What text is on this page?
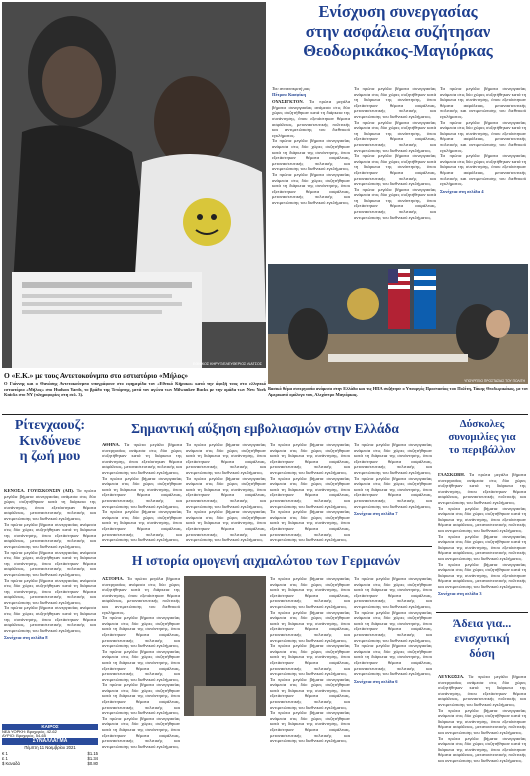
ΕΘΝΙΚΟΣ ΚΗΡΥΞ/ΕΛΕΥΘΕΡΙΟΣ ΛΙΑΤΣΟΣ
Ο «Ε.Κ.» με τους Αντετοκούνμπο στο εστιατόριο «Μήλος»
Ο Γιάννης και ο Θανάσης Αντετοκούνμπο υπογράφουν στο εφημερίδα τον «Εθνικό Κήρυκα» κατά την άφιξή τους στο ελληνικό εστιατόριο «Μήλος» στο Hudson Yards, το βράδυ της Τετάρτης, μετά τον αγώνα των Milwaukee Bucks με την ομάδα των New York Knicks στο NY (πληροφορίες στη σελ. 3).
Ενίσχυση συνεργασίας
στην ασφάλεια συζήτησαν
Θεοδωρικάκος-Μαγιόρκας
Του ανταποκριτή μας
Πέτρου Κασφίκη
ΟΥΑΣΙΓΚΤΟΝ. Τα πρώτα μεγάλα βήματα συνεργασίας ανάμεσα στις δύο χώρες συζητήθηκαν κατά τη διάρκεια της συνάντησης, όπου εξετάστηκαν θέματα ασφάλειας, μεταναστευτικής πολιτικής και αντιμετώπισης του διεθνικού εγκλήματος.
Τα πρώτα μεγάλα βήματα συνεργασίας ανάμεσα στις δύο χώρες συζητήθηκαν κατά τη διάρκεια της συνάντησης, όπου εξετάστηκαν θέματα ασφάλειας, μεταναστευτικής πολιτικής και αντιμετώπισης του διεθνικού εγκλήματος.
Τα πρώτα μεγάλα βήματα συνεργασίας ανάμεσα στις δύο χώρες συζητήθηκαν κατά τη διάρκεια της συνάντησης, όπου εξετάστηκαν θέματα ασφάλειας, μεταναστευτικής πολιτικής και αντιμετώπισης του διεθνικού εγκλήματος.
Τα πρώτα μεγάλα βήματα συνεργασίας ανάμεσα στις δύο χώρες συζητήθηκαν κατά τη διάρκεια της συνάντησης, όπου εξετάστηκαν θέματα ασφάλειας, μεταναστευτικής πολιτικής και αντιμετώπισης του διεθνικού εγκλήματος.
Τα πρώτα μεγάλα βήματα συνεργασίας ανάμεσα στις δύο χώρες συζητήθηκαν κατά τη διάρκεια της συνάντησης, όπου εξετάστηκαν θέματα ασφάλειας, μεταναστευτικής πολιτικής και αντιμετώπισης του διεθνικού εγκλήματος.
Τα πρώτα μεγάλα βήματα συνεργασίας ανάμεσα στις δύο χώρες συζητήθηκαν κατά τη διάρκεια της συνάντησης, όπου εξετάστηκαν θέματα ασφάλειας, μεταναστευτικής πολιτικής και αντιμετώπισης του διεθνικού εγκλήματος.
Τα πρώτα μεγάλα βήματα συνεργασίας ανάμεσα στις δύο χώρες συζητήθηκαν κατά τη διάρκεια της συνάντησης, όπου εξετάστηκαν θέματα ασφάλειας, μεταναστευτικής πολιτικής και αντιμετώπισης του διεθνικού εγκλήματος.
Τα πρώτα μεγάλα βήματα συνεργασίας ανάμεσα στις δύο χώρες συζητήθηκαν κατά τη διάρκεια της συνάντησης, όπου εξετάστηκαν θέματα ασφάλειας, μεταναστευτικής πολιτικής και αντιμετώπισης του διεθνικού εγκλήματος.
Τα πρώτα μεγάλα βήματα συνεργασίας ανάμεσα στις δύο χώρες συζητήθηκαν κατά τη διάρκεια της συνάντησης, όπου εξετάστηκαν θέματα ασφάλειας, μεταναστευτικής πολιτικής και αντιμετώπισης του διεθνικού εγκλήματος.
Τα πρώτα μεγάλα βήματα συνεργασίας ανάμεσα στις δύο χώρες συζητήθηκαν κατά τη διάρκεια της συνάντησης, όπου εξετάστηκαν θέματα ασφάλειας, μεταναστευτικής πολιτικής και αντιμετώπισης του διεθνικού εγκλήματος.
Συνέχεια στη σελίδα 4
ΥΠΟΥΡΓΕΙΟ ΠΡΟΣΤΑΣΙΑΣ ΤΟΥ ΠΟΛΙΤΗ
Βασικό θέμα συνεργασία ανάμεσα στην Ελλάδα και τις ΗΠΑ συζήτησε ο Υπουργός Προστασίας του Πολίτη, Τάκης Θεοδωρικάκος, με τον Αμερικανό ομόλογο του, Αλεχάντρο Μαγιόρκας.
Ρίτενχαουζ:
Κινδύνευε
η ζωή μου
ΚΕΝΟΣΑ. ΓΟΥΙΣΚΟΝΣΙΝ (ΑΠ). Τα πρώτα μεγάλα βήματα συνεργασίας ανάμεσα στις δύο χώρες συζητήθηκαν κατά τη διάρκεια της συνάντησης, όπου εξετάστηκαν θέματα ασφάλειας, μεταναστευτικής πολιτικής και αντιμετώπισης του διεθνικού εγκλήματος.
Τα πρώτα μεγάλα βήματα συνεργασίας ανάμεσα στις δύο χώρες συζητήθηκαν κατά τη διάρκεια της συνάντησης, όπου εξετάστηκαν θέματα ασφάλειας, μεταναστευτικής πολιτικής και αντιμετώπισης του διεθνικού εγκλήματος.
Τα πρώτα μεγάλα βήματα συνεργασίας ανάμεσα στις δύο χώρες συζητήθηκαν κατά τη διάρκεια της συνάντησης, όπου εξετάστηκαν θέματα ασφάλειας, μεταναστευτικής πολιτικής και αντιμετώπισης του διεθνικού εγκλήματος.
Τα πρώτα μεγάλα βήματα συνεργασίας ανάμεσα στις δύο χώρες συζητήθηκαν κατά τη διάρκεια της συνάντησης, όπου εξετάστηκαν θέματα ασφάλειας, μεταναστευτικής πολιτικής και αντιμετώπισης του διεθνικού εγκλήματος.
Τα πρώτα μεγάλα βήματα συνεργασίας ανάμεσα στις δύο χώρες συζητήθηκαν κατά τη διάρκεια της συνάντησης, όπου εξετάστηκαν θέματα ασφάλειας, μεταναστευτικής πολιτικής και αντιμετώπισης του διεθνικού εγκλήματος.
Συνέχεια στη σελίδα 8
ΣΥΝΑΛΛΑΓΜΑ
Πέμπτη 11 Νοεμβρίου 2021
€ 1	$1.15
£ 1	$1.34
$ Καναδά	$0.80
Σημαντική αύξηση εμβολιασμών στην Ελλάδα
ΑΘΗΝΑ. Τα πρώτα μεγάλα βήματα συνεργασίας ανάμεσα στις δύο χώρες συζητήθηκαν κατά τη διάρκεια της συνάντησης, όπου εξετάστηκαν θέματα ασφάλειας, μεταναστευτικής πολιτικής και αντιμετώπισης του διεθνικού εγκλήματος.
Τα πρώτα μεγάλα βήματα συνεργασίας ανάμεσα στις δύο χώρες συζητήθηκαν κατά τη διάρκεια της συνάντησης, όπου εξετάστηκαν θέματα ασφάλειας, μεταναστευτικής πολιτικής και αντιμετώπισης του διεθνικού εγκλήματος.
Τα πρώτα μεγάλα βήματα συνεργασίας ανάμεσα στις δύο χώρες συζητήθηκαν κατά τη διάρκεια της συνάντησης, όπου εξετάστηκαν θέματα ασφάλειας, μεταναστευτικής πολιτικής και αντιμετώπισης του διεθνικού εγκλήματος.
Τα πρώτα μεγάλα βήματα συνεργασίας ανάμεσα στις δύο χώρες συζητήθηκαν κατά τη διάρκεια της συνάντησης, όπου εξετάστηκαν θέματα ασφάλειας, μεταναστευτικής πολιτικής και αντιμετώπισης του διεθνικού εγκλήματος.
Τα πρώτα μεγάλα βήματα συνεργασίας ανάμεσα στις δύο χώρες συζητήθηκαν κατά τη διάρκεια της συνάντησης, όπου εξετάστηκαν θέματα ασφάλειας, μεταναστευτικής πολιτικής και αντιμετώπισης του διεθνικού εγκλήματος.
Τα πρώτα μεγάλα βήματα συνεργασίας ανάμεσα στις δύο χώρες συζητήθηκαν κατά τη διάρκεια της συνάντησης, όπου εξετάστηκαν θέματα ασφάλειας, μεταναστευτικής πολιτικής και αντιμετώπισης του διεθνικού εγκλήματος.
Τα πρώτα μεγάλα βήματα συνεργασίας ανάμεσα στις δύο χώρες συζητήθηκαν κατά τη διάρκεια της συνάντησης, όπου εξετάστηκαν θέματα ασφάλειας, μεταναστευτικής πολιτικής και αντιμετώπισης του διεθνικού εγκλήματος.
Τα πρώτα μεγάλα βήματα συνεργασίας ανάμεσα στις δύο χώρες συζητήθηκαν κατά τη διάρκεια της συνάντησης, όπου εξετάστηκαν θέματα ασφάλειας, μεταναστευτικής πολιτικής και αντιμετώπισης του διεθνικού εγκλήματος.
Τα πρώτα μεγάλα βήματα συνεργασίας ανάμεσα στις δύο χώρες συζητήθηκαν κατά τη διάρκεια της συνάντησης, όπου εξετάστηκαν θέματα ασφάλειας, μεταναστευτικής πολιτικής και αντιμετώπισης του διεθνικού εγκλήματος.
Τα πρώτα μεγάλα βήματα συνεργασίας ανάμεσα στις δύο χώρες συζητήθηκαν κατά τη διάρκεια της συνάντησης, όπου εξετάστηκαν θέματα ασφάλειας, μεταναστευτικής πολιτικής και αντιμετώπισης του διεθνικού εγκλήματος.
Τα πρώτα μεγάλα βήματα συνεργασίας ανάμεσα στις δύο χώρες συζητήθηκαν κατά τη διάρκεια της συνάντησης, όπου εξετάστηκαν θέματα ασφάλειας, μεταναστευτικής πολιτικής και αντιμετώπισης του διεθνικού εγκλήματος.
Συνέχεια στη σελίδα 7
Η ιστορία ομογενή αιχμαλώτου των Γερμανών
ΑΣΤΟΡΙΑ. Τα πρώτα μεγάλα βήματα συνεργασίας ανάμεσα στις δύο χώρες συζητήθηκαν κατά τη διάρκεια της συνάντησης, όπου εξετάστηκαν θέματα ασφάλειας, μεταναστευτικής πολιτικής και αντιμετώπισης του διεθνικού εγκλήματος.
Τα πρώτα μεγάλα βήματα συνεργασίας ανάμεσα στις δύο χώρες συζητήθηκαν κατά τη διάρκεια της συνάντησης, όπου εξετάστηκαν θέματα ασφάλειας, μεταναστευτικής πολιτικής και αντιμετώπισης του διεθνικού εγκλήματος.
Τα πρώτα μεγάλα βήματα συνεργασίας ανάμεσα στις δύο χώρες συζητήθηκαν κατά τη διάρκεια της συνάντησης, όπου εξετάστηκαν θέματα ασφάλειας, μεταναστευτικής πολιτικής και αντιμετώπισης του διεθνικού εγκλήματος.
Τα πρώτα μεγάλα βήματα συνεργασίας ανάμεσα στις δύο χώρες συζητήθηκαν κατά τη διάρκεια της συνάντησης, όπου εξετάστηκαν θέματα ασφάλειας, μεταναστευτικής πολιτικής και αντιμετώπισης του διεθνικού εγκλήματος.
Τα πρώτα μεγάλα βήματα συνεργασίας ανάμεσα στις δύο χώρες συζητήθηκαν κατά τη διάρκεια της συνάντησης, όπου εξετάστηκαν θέματα ασφάλειας, μεταναστευτικής πολιτικής και αντιμετώπισης του διεθνικού εγκλήματος.
Τα πρώτα μεγάλα βήματα συνεργασίας ανάμεσα στις δύο χώρες συζητήθηκαν κατά τη διάρκεια της συνάντησης, όπου εξετάστηκαν θέματα ασφάλειας, μεταναστευτικής πολιτικής και αντιμετώπισης του διεθνικού εγκλήματος.
Τα πρώτα μεγάλα βήματα συνεργασίας ανάμεσα στις δύο χώρες συζητήθηκαν κατά τη διάρκεια της συνάντησης, όπου εξετάστηκαν θέματα ασφάλειας, μεταναστευτικής πολιτικής και αντιμετώπισης του διεθνικού εγκλήματος.
Τα πρώτα μεγάλα βήματα συνεργασίας ανάμεσα στις δύο χώρες συζητήθηκαν κατά τη διάρκεια της συνάντησης, όπου εξετάστηκαν θέματα ασφάλειας, μεταναστευτικής πολιτικής και αντιμετώπισης του διεθνικού εγκλήματος.
Τα πρώτα μεγάλα βήματα συνεργασίας ανάμεσα στις δύο χώρες συζητήθηκαν κατά τη διάρκεια της συνάντησης, όπου εξετάστηκαν θέματα ασφάλειας, μεταναστευτικής πολιτικής και αντιμετώπισης του διεθνικού εγκλήματος.
Τα πρώτα μεγάλα βήματα συνεργασίας ανάμεσα στις δύο χώρες συζητήθηκαν κατά τη διάρκεια της συνάντησης, όπου εξετάστηκαν θέματα ασφάλειας, μεταναστευτικής πολιτικής και αντιμετώπισης του διεθνικού εγκλήματος.
Τα πρώτα μεγάλα βήματα συνεργασίας ανάμεσα στις δύο χώρες συζητήθηκαν κατά τη διάρκεια της συνάντησης, όπου εξετάστηκαν θέματα ασφάλειας, μεταναστευτικής πολιτικής και αντιμετώπισης του διεθνικού εγκλήματος.
Τα πρώτα μεγάλα βήματα συνεργασίας ανάμεσα στις δύο χώρες συζητήθηκαν κατά τη διάρκεια της συνάντησης, όπου εξετάστηκαν θέματα ασφάλειας, μεταναστευτικής πολιτικής και αντιμετώπισης του διεθνικού εγκλήματος.
Τα πρώτα μεγάλα βήματα συνεργασίας ανάμεσα στις δύο χώρες συζητήθηκαν κατά τη διάρκεια της συνάντησης, όπου εξετάστηκαν θέματα ασφάλειας, μεταναστευτικής πολιτικής και αντιμετώπισης του διεθνικού εγκλήματος.
Συνέχεια στη σελίδα 6
Δύσκολες
συνομιλίες για
το περιβάλλον
ΓΛΑΣΚΩΒΗ. Τα πρώτα μεγάλα βήματα συνεργασίας ανάμεσα στις δύο χώρες συζητήθηκαν κατά τη διάρκεια της συνάντησης, όπου εξετάστηκαν θέματα ασφάλειας, μεταναστευτικής πολιτικής και αντιμετώπισης του διεθνικού εγκλήματος.
Τα πρώτα μεγάλα βήματα συνεργασίας ανάμεσα στις δύο χώρες συζητήθηκαν κατά τη διάρκεια της συνάντησης, όπου εξετάστηκαν θέματα ασφάλειας, μεταναστευτικής πολιτικής και αντιμετώπισης του διεθνικού εγκλήματος.
Τα πρώτα μεγάλα βήματα συνεργασίας ανάμεσα στις δύο χώρες συζητήθηκαν κατά τη διάρκεια της συνάντησης, όπου εξετάστηκαν θέματα ασφάλειας, μεταναστευτικής πολιτικής και αντιμετώπισης του διεθνικού εγκλήματος.
Τα πρώτα μεγάλα βήματα συνεργασίας ανάμεσα στις δύο χώρες συζητήθηκαν κατά τη διάρκεια της συνάντησης, όπου εξετάστηκαν θέματα ασφάλειας, μεταναστευτικής πολιτικής και αντιμετώπισης του διεθνικού εγκλήματος.
Συνέχεια στη σελίδα 3
Άδεια για...
ενισχυτική
δόση
ΛΕΥΚΩΣΙΑ. Τα πρώτα μεγάλα βήματα συνεργασίας ανάμεσα στις δύο χώρες συζητήθηκαν κατά τη διάρκεια της συνάντησης, όπου εξετάστηκαν θέματα ασφάλειας, μεταναστευτικής πολιτικής και αντιμετώπισης του διεθνικού εγκλήματος.
Τα πρώτα μεγάλα βήματα συνεργασίας ανάμεσα στις δύο χώρες συζητήθηκαν κατά τη διάρκεια της συνάντησης, όπου εξετάστηκαν θέματα ασφάλειας, μεταναστευτικής πολιτικής και αντιμετώπισης του διεθνικού εγκλήματος.
Τα πρώτα μεγάλα βήματα συνεργασίας ανάμεσα στις δύο χώρες συζητήθηκαν κατά τη διάρκεια της συνάντησης, όπου εξετάστηκαν θέματα ασφάλειας, μεταναστευτικής πολιτικής και αντιμετώπισης του διεθνικού εγκλήματος.
ΚΑΙΡΟΣ
ΝΕΑ ΥΟΡΚΗ: Βροχερός, 42-62
ΑΥΡΙΟ: Βροχερός, 54-65
